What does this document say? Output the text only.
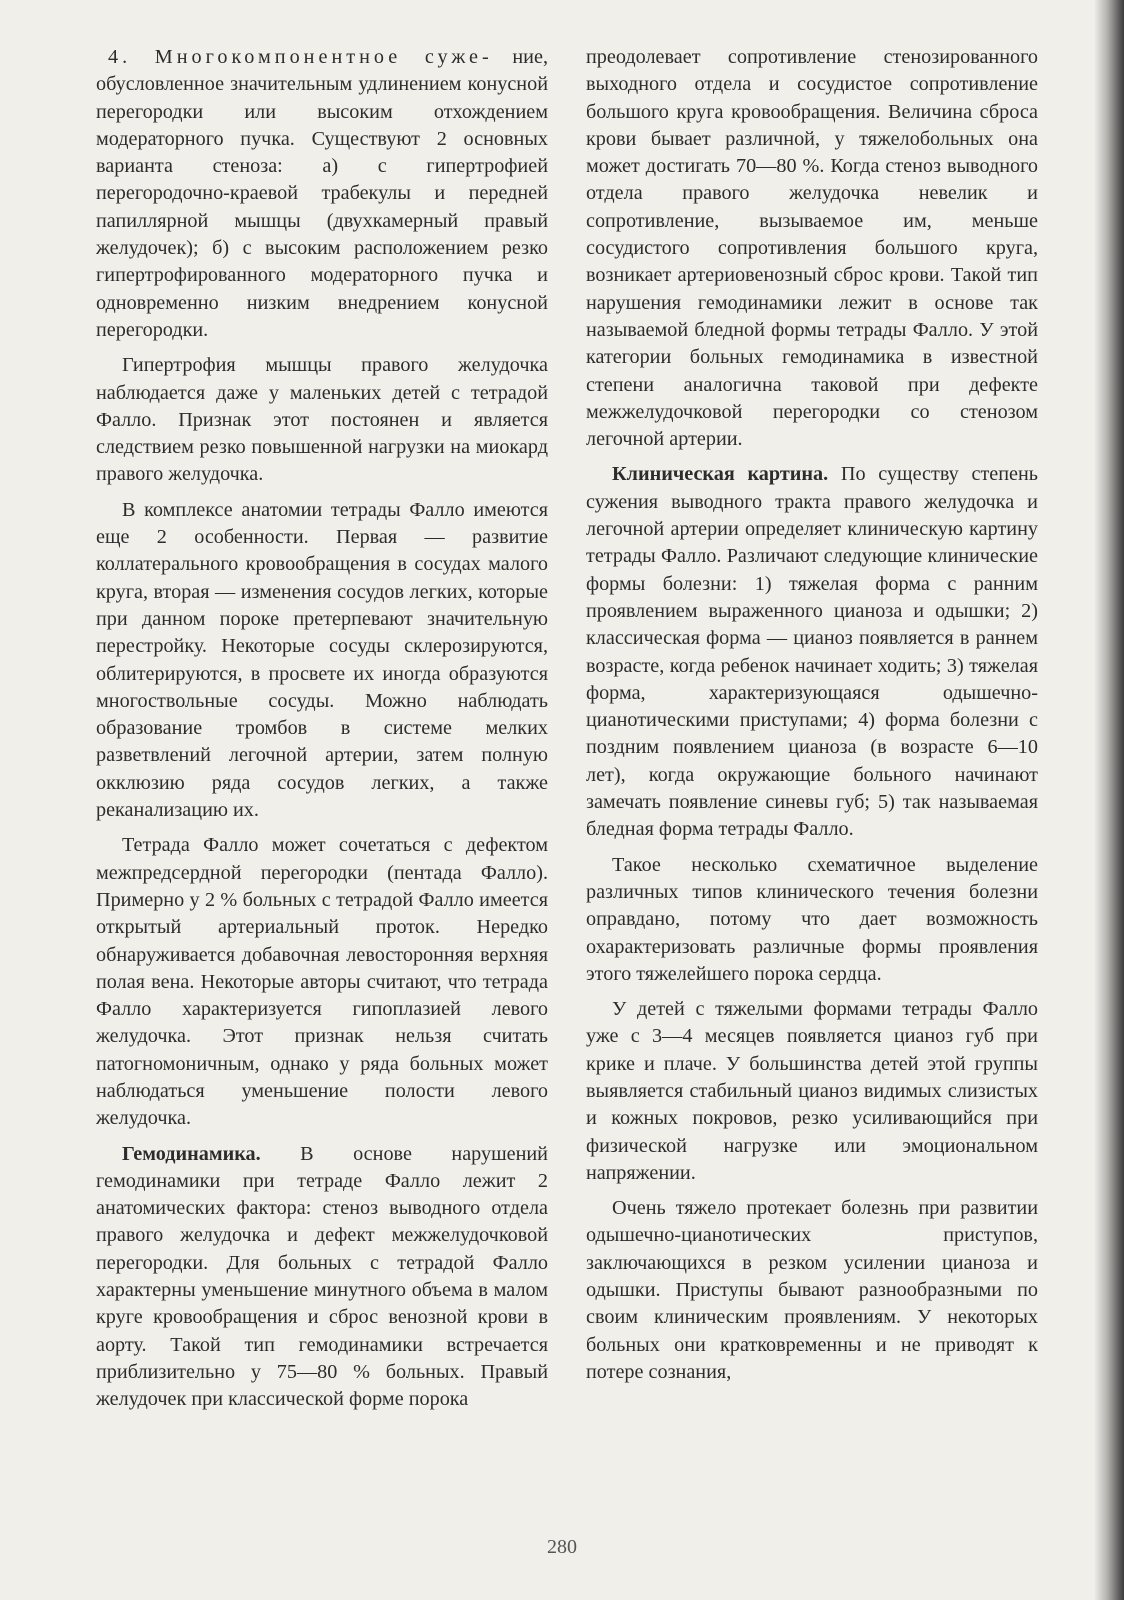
4. Многокомпонентное суже- ние, обусловленное значительным удлинением конусной перегородки или высоким отхождением модераторного пучка. Существуют 2 основных варианта стеноза: а) с гипертрофией перегородочно-краевой трабекулы и передней папиллярной мышцы (двухкамерный правый желудочек); б) с высоким расположением резко гипертрофированного модераторного пучка и одновременно низким внедрением конусной перегородки.

Гипертрофия мышцы правого желудочка наблюдается даже у маленьких детей с тетрадой Фалло. Признак этот постоянен и является следствием резко повышенной нагрузки на миокард правого желудочка.

В комплексе анатомии тетрады Фалло имеются еще 2 особенности. Первая — развитие коллатерального кровообращения в сосудах малого круга, вторая — изменения сосудов легких, которые при данном пороке претерпевают значительную перестройку. Некоторые сосуды склерозируются, облитерируются, в просвете их иногда образуются многоствольные сосуды. Можно наблюдать образование тромбов в системе мелких разветвлений легочной артерии, затем полную окклюзию ряда сосудов легких, а также реканализацию их.

Тетрада Фалло может сочетаться с дефектом межпредсердной перегородки (пентада Фалло). Примерно у 2 % больных с тетрадой Фалло имеется открытый артериальный проток. Нередко обнаруживается добавочная левосторонняя верхняя полая вена. Некоторые авторы считают, что тетрада Фалло характеризуется гипоплазией левого желудочка. Этот признак нельзя считать патогномоничным, однако у ряда больных может наблюдаться уменьшение полости левого желудочка.

Гемодинамика. В основе нарушений гемодинамики при тетраде Фалло лежит 2 анатомических фактора: стеноз выводного отдела правого желудочка и дефект межжелудочковой перегородки. Для больных с тетрадой Фалло характерны уменьшение минутного объема в малом круге кровообращения и сброс венозной крови в аорту. Такой тип гемодинамики встречается приблизительно у 75—80 % больных. Правый желудочек при классической форме порока

преодолевает сопротивление стенозированного выходного отдела и сосудистое сопротивление большого круга кровообращения. Величина сброса крови бывает различной, у тяжелобольных она может достигать 70—80 %. Когда стеноз выводного отдела правого желудочка невелик и сопротивление, вызываемое им, меньше сосудистого сопротивления большого круга, возникает артериовенозный сброс крови. Такой тип нарушения гемодинамики лежит в основе так называемой бледной формы тетрады Фалло. У этой категории больных гемодинамика в известной степени аналогична таковой при дефекте межжелудочковой перегородки со стенозом легочной артерии.

Клиническая картина. По существу степень сужения выводного тракта правого желудочка и легочной артерии определяет клиническую картину тетрады Фалло. Различают следующие клинические формы болезни: 1) тяжелая форма с ранним проявлением выраженного цианоза и одышки; 2) классическая форма — цианоз появляется в раннем возрасте, когда ребенок начинает ходить; 3) тяжелая форма, характеризующаяся одышечно-цианотическими приступами; 4) форма болезни с поздним появлением цианоза (в возрасте 6—10 лет), когда окружающие больного начинают замечать появление синевы губ; 5) так называемая бледная форма тетрады Фалло.

Такое несколько схематичное выделение различных типов клинического течения болезни оправдано, потому что дает возможность охарактеризовать различные формы проявления этого тяжелейшего порока сердца.

У детей с тяжелыми формами тетрады Фалло уже с 3—4 месяцев появляется цианоз губ при крике и плаче. У большинства детей этой группы выявляется стабильный цианоз видимых слизистых и кожных покровов, резко усиливающийся при физической нагрузке или эмоциональном напряжении.

Очень тяжело протекает болезнь при развитии одышечно-цианотических приступов, заключающихся в резком усилении цианоза и одышки. Приступы бывают разнообразными по своим клиническим проявлениям. У некоторых больных они кратковременны и не приводят к потере сознания,

280
